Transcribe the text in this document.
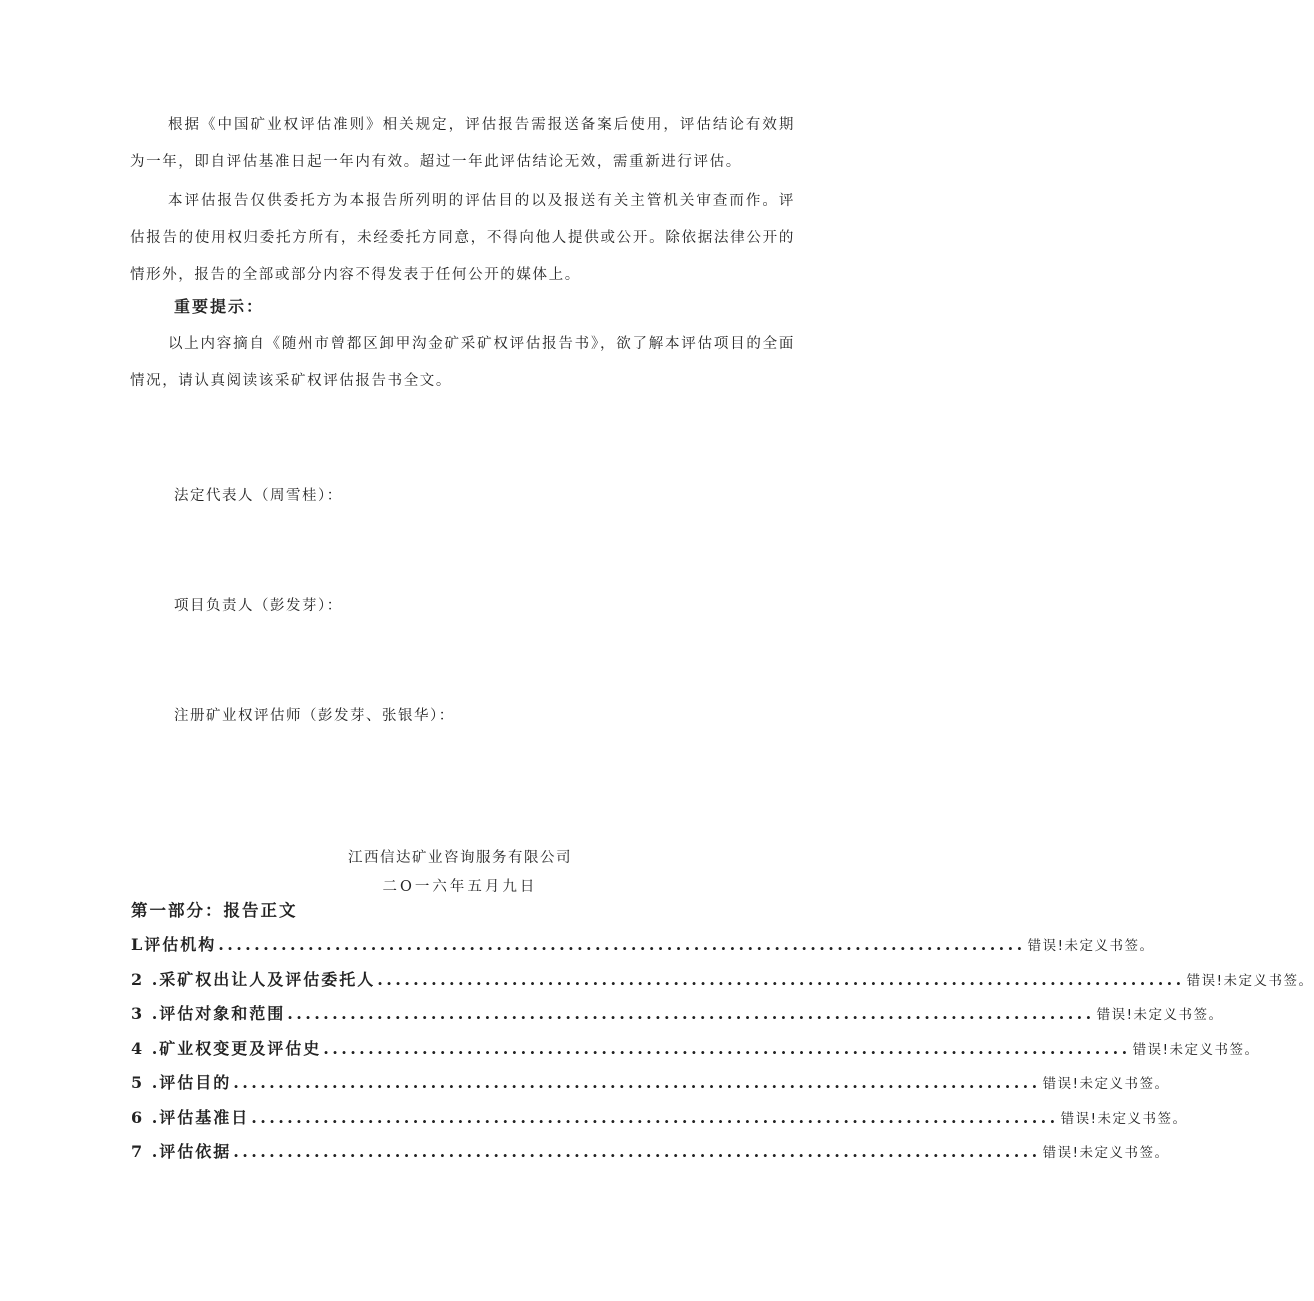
根据《中国矿业权评估准则》相关规定，评估报告需报送备案后使用，评估结论有效期为一年，即自评估基准日起一年内有效。超过一年此评估结论无效，需重新进行评估。

本评估报告仅供委托方为本报告所列明的评估目的以及报送有关主管机关审查而作。评估报告的使用权归委托方所有，未经委托方同意，不得向他人提供或公开。除依据法律公开的情形外，报告的全部或部分内容不得发表于任何公开的媒体上。

重要提示：

以上内容摘自《随州市曾都区卸甲沟金矿采矿权评估报告书》，欲了解本评估项目的全面情况，请认真阅读该采矿权评估报告书全文。

法定代表人（周雪桂）：

项目负责人（彭发芽）：

注册矿业权评估师（彭发芽、张银华）：

江西信达矿业咨询服务有限公司

二O一六年五月九日

第一部分：报告正文

L 评估机构 .......................................................................................... 错误!未定义书签。
2 . 采矿权出让人及评估委托人 .......................................................................................... 错误!未定义书签。
3 . 评估对象和范围 .......................................................................................... 错误!未定义书签。
4 . 矿业权变更及评估史 .......................................................................................... 错误!未定义书签。
5 . 评估目的 .......................................................................................... 错误!未定义书签。
6 . 评估基准日 .......................................................................................... 错误!未定义书签。
7 . 评估依据 .......................................................................................... 错误!未定义书签。
